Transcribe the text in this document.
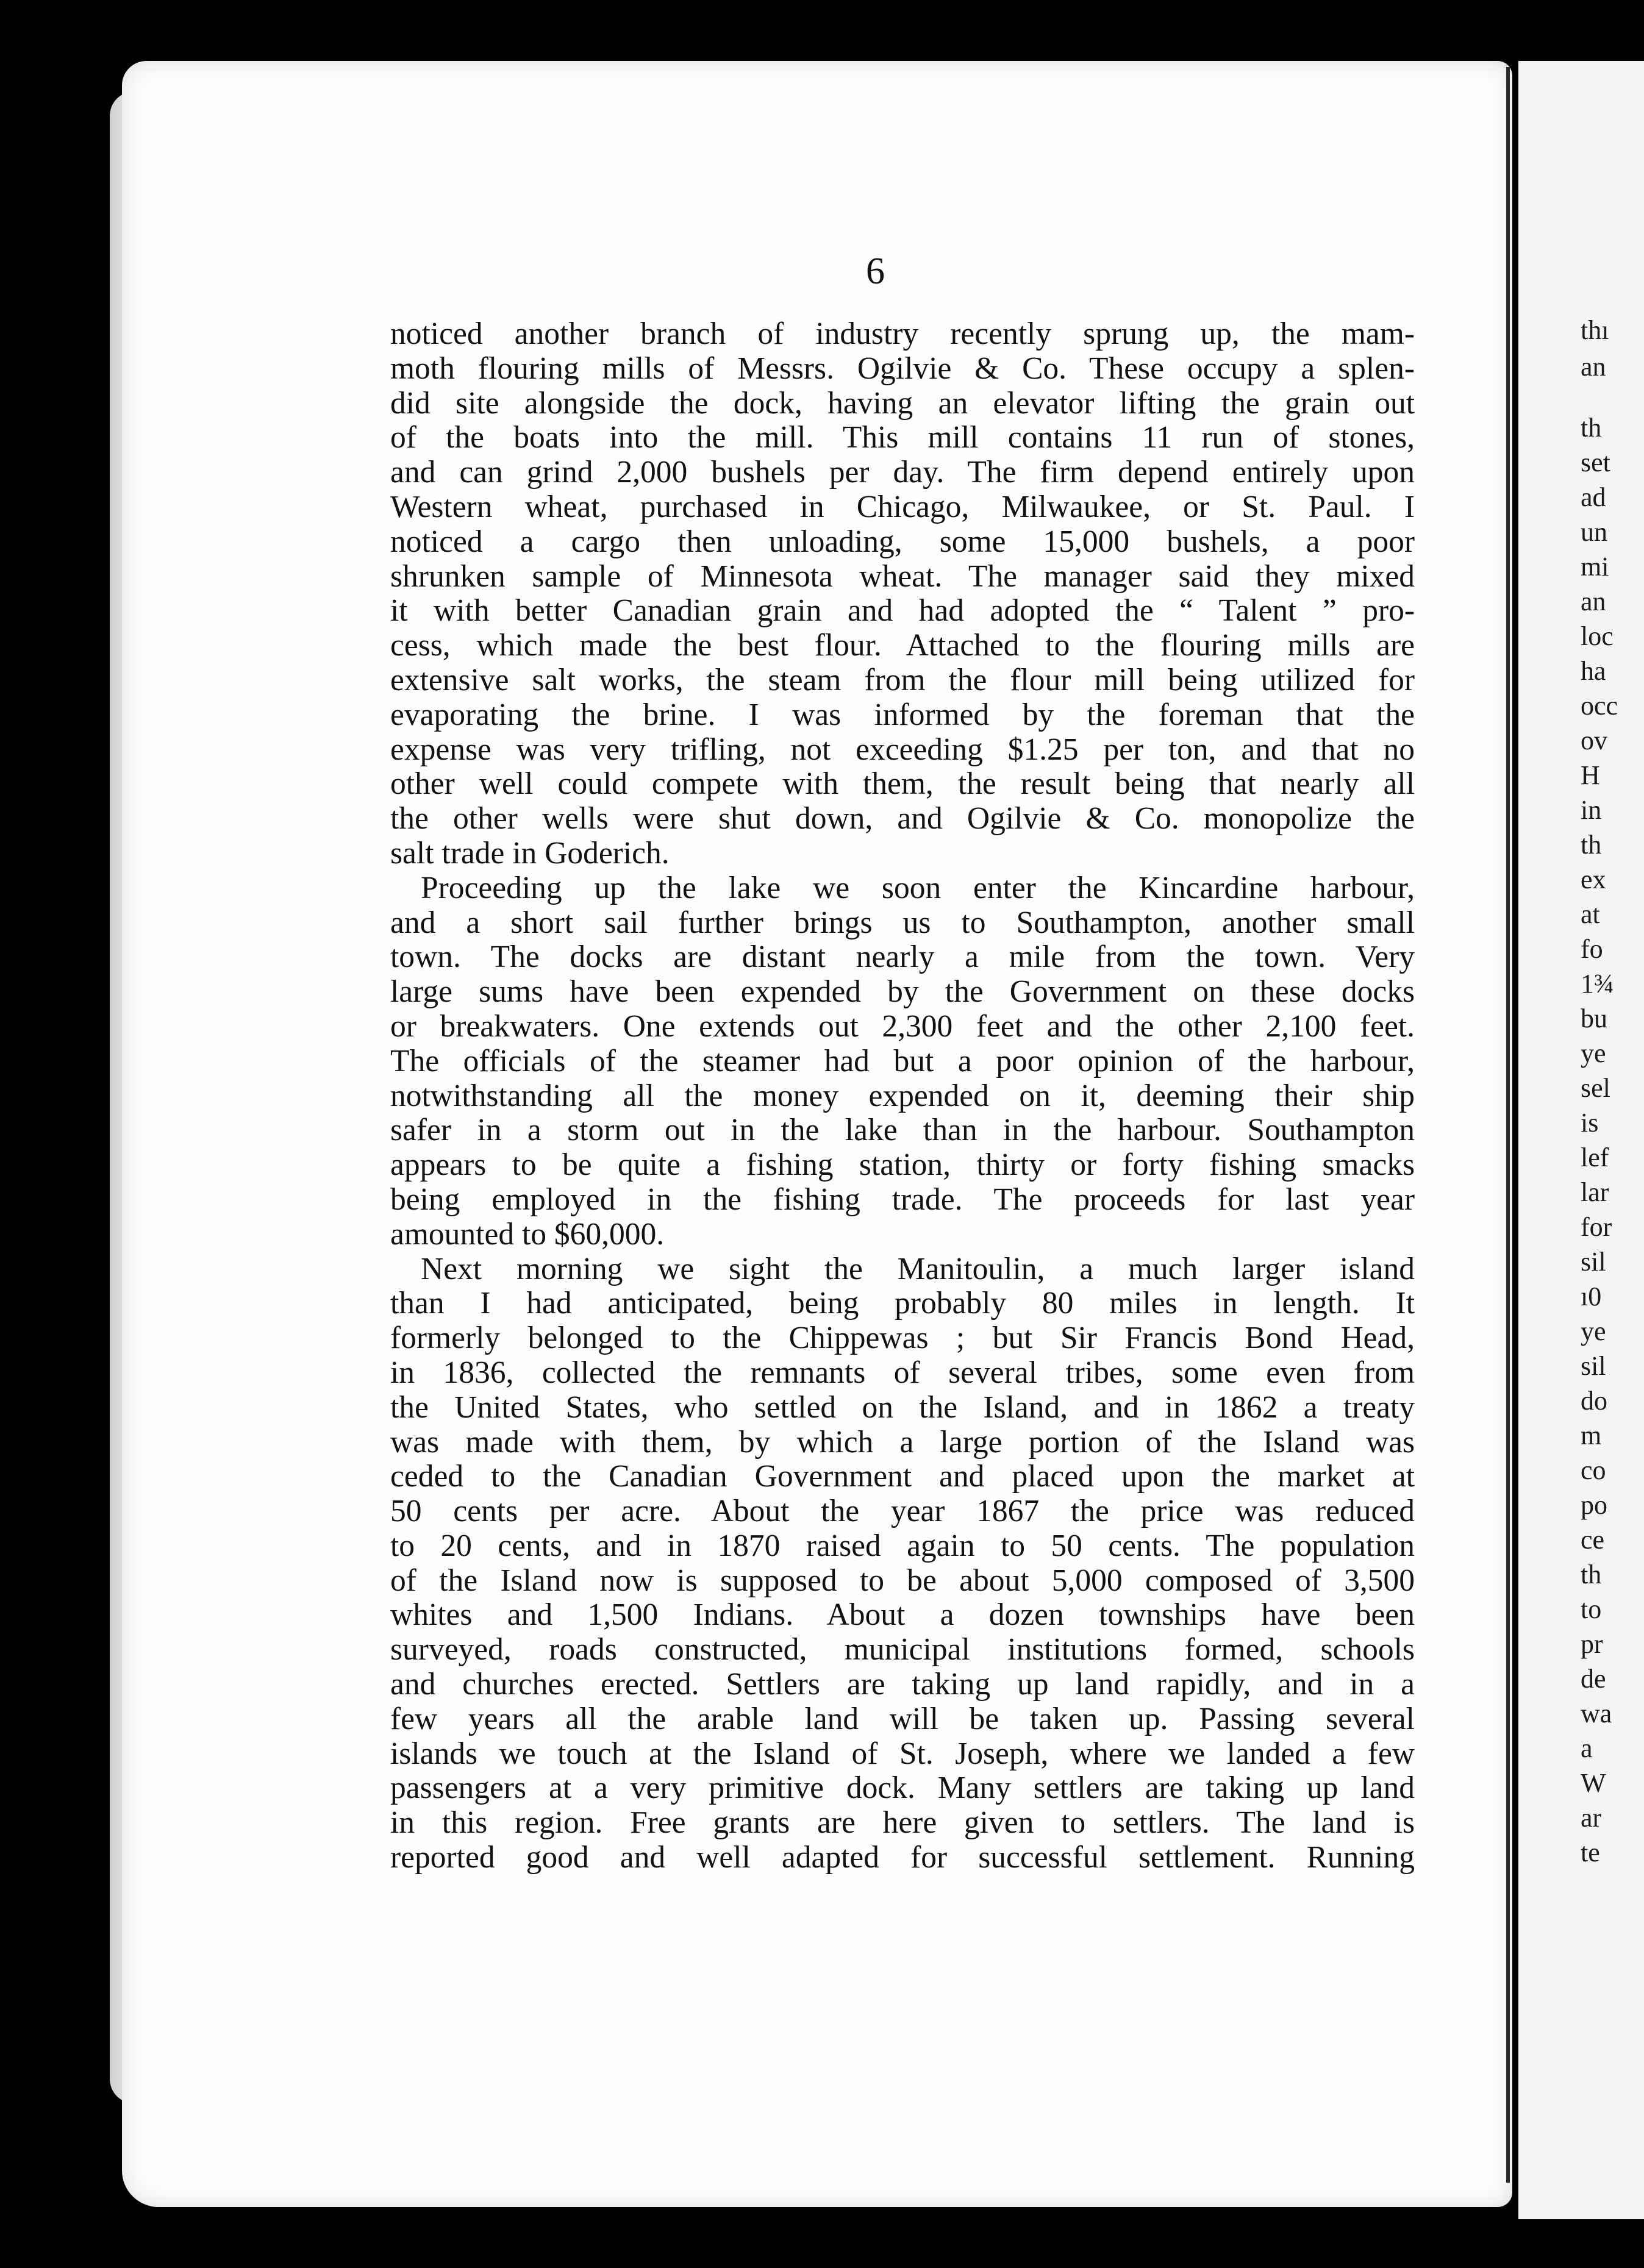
thı
an
th
set
ad
un
mi
an
loc
ha
occ
ov
H
in
th
ex
at
fo
1¾
bu
ye
sel
is
lef
lar
for
sil
ı0
ye
sil
do
m
co
po
ce
th
to
pr
de
wa
a
W
ar
te
6
noticed another branch of industry recently sprung up, the mam-
moth flouring mills of Messrs. Ogilvie & Co. These occupy a splen-
did site alongside the dock, having an elevator lifting the grain out
of the boats into the mill. This mill contains 11 run of stones,
and can grind 2,000 bushels per day. The firm depend entirely upon
Western wheat, purchased in Chicago, Milwaukee, or St. Paul. I
noticed a cargo then unloading, some 15,000 bushels, a poor
shrunken sample of Minnesota wheat. The manager said they mixed
it with better Canadian grain and had adopted the “ Talent ” pro-
cess, which made the best flour. Attached to the flouring mills are
extensive salt works, the steam from the flour mill being utilized for
evaporating the brine. I was informed by the foreman that the
expense was very trifling, not exceeding $1.25 per ton, and that no
other well could compete with them, the result being that nearly all
the other wells were shut down, and Ogilvie & Co. monopolize the
salt trade in Goderich.
Proceeding up the lake we soon enter the Kincardine harbour,
and a short sail further brings us to Southampton, another small
town. The docks are distant nearly a mile from the town. Very
large sums have been expended by the Government on these docks
or breakwaters. One extends out 2,300 feet and the other 2,100 feet.
The officials of the steamer had but a poor opinion of the harbour,
notwithstanding all the money expended on it, deeming their ship
safer in a storm out in the lake than in the harbour. Southampton
appears to be quite a fishing station, thirty or forty fishing smacks
being employed in the fishing trade. The proceeds for last year
amounted to $60,000.
Next morning we sight the Manitoulin, a much larger island
than I had anticipated, being probably 80 miles in length. It
formerly belonged to the Chippewas ; but Sir Francis Bond Head,
in 1836, collected the remnants of several tribes, some even from
the United States, who settled on the Island, and in 1862 a treaty
was made with them, by which a large portion of the Island was
ceded to the Canadian Government and placed upon the market at
50 cents per acre. About the year 1867 the price was reduced
to 20 cents, and in 1870 raised again to 50 cents. The population
of the Island now is supposed to be about 5,000 composed of 3,500
whites and 1,500 Indians. About a dozen townships have been
surveyed, roads constructed, municipal institutions formed, schools
and churches erected. Settlers are taking up land rapidly, and in a
few years all the arable land will be taken up. Passing several
islands we touch at the Island of St. Joseph, where we landed a few
passengers at a very primitive dock. Many settlers are taking up land
in this region. Free grants are here given to settlers. The land is
reported good and well adapted for successful settlement. Running
